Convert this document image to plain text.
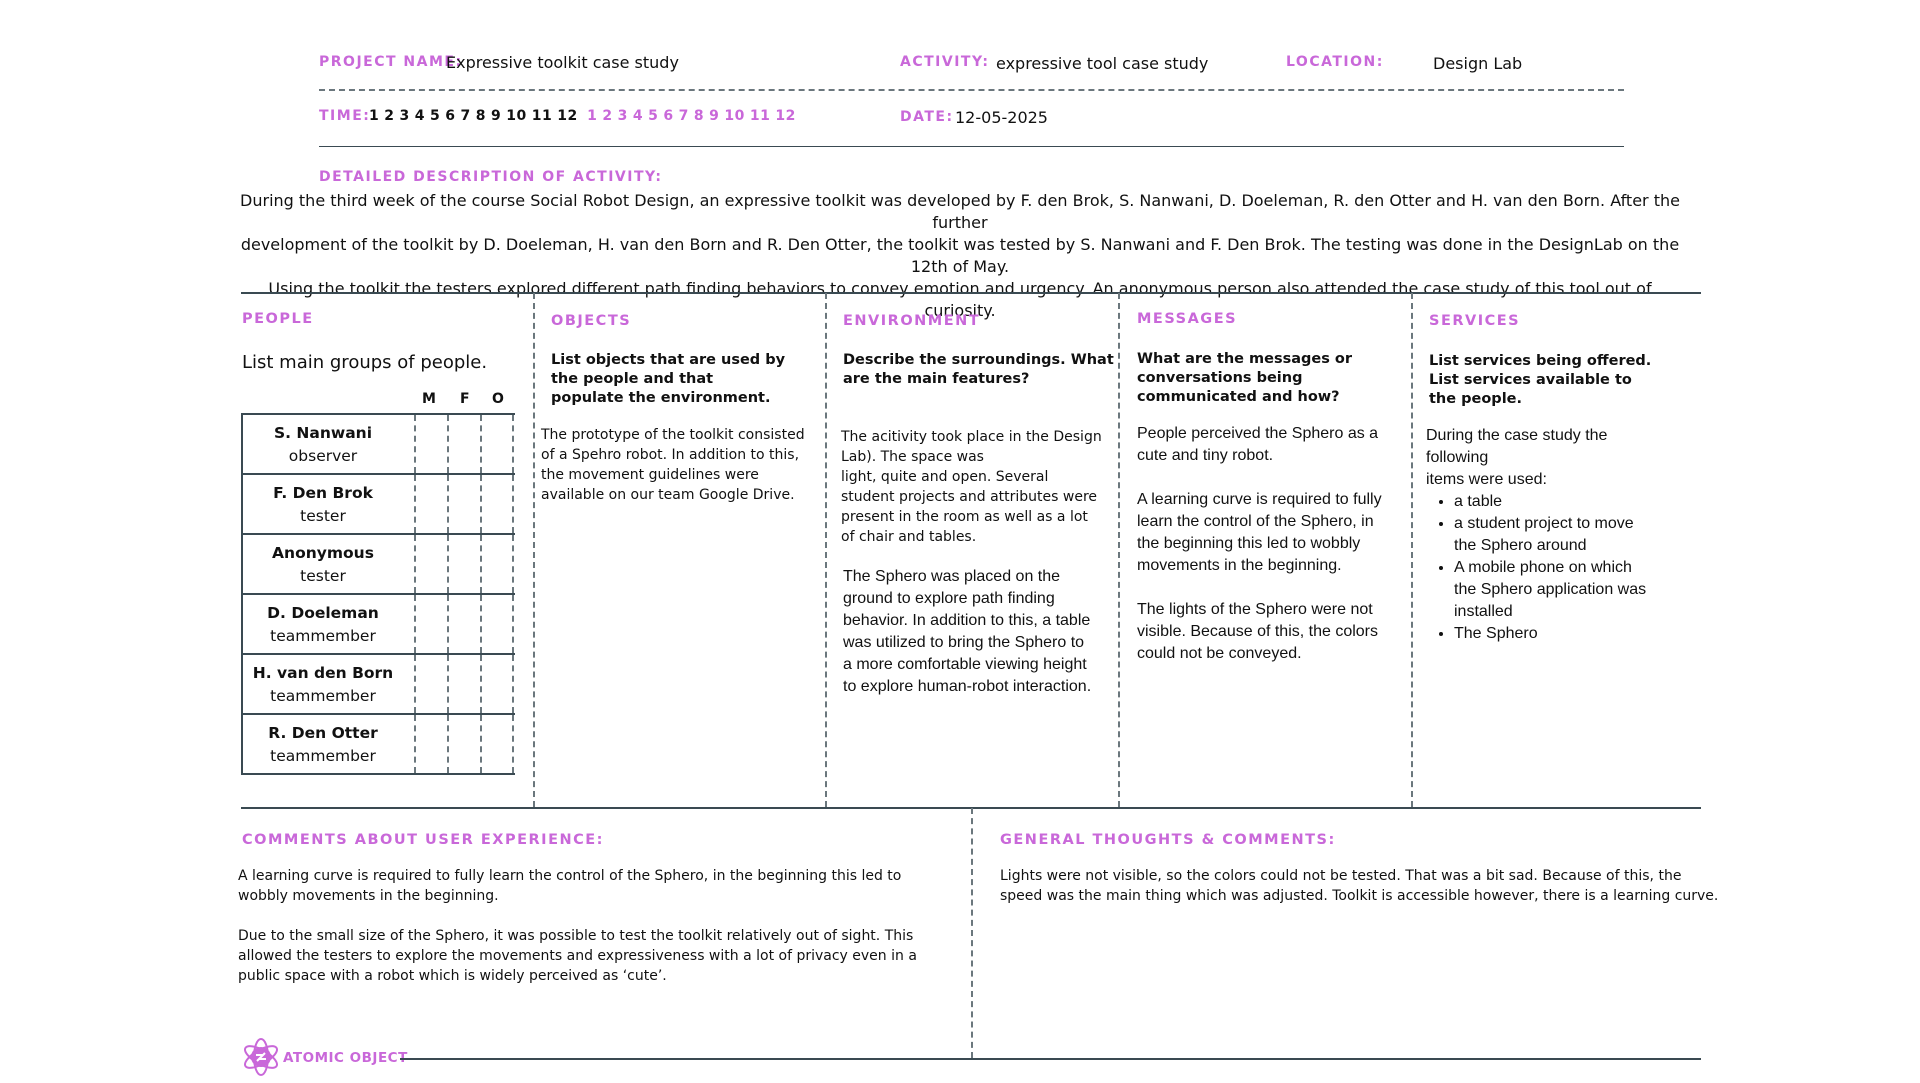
PROJECT NAME:
Expressive toolkit case study	ACTIVITY: expressive tool case study	LOCATION:	Design Lab
TIME:
1 2 3 4 5 6 7 8 9 10 11 12 1 2 3 4 5 6 7 8 9 10 11 12	DATE: 12-05-2025
DETAILED DESCRIPTION OF ACTIVITY:
During the third week of the course Social Robot Design, an expressive toolkit was developed by F. den Brok, S. Nanwani, D. Doeleman, R. den Otter and H. van den Born. After the further
development of the toolkit by D. Doeleman, H. van den Born and R. Den Otter, the toolkit was tested by S. Nanwani and F. Den Brok. The testing was done in the DesignLab on the 12th of May.
Using the toolkit the testers explored different path finding behaviors to convey emotion and urgency. An anonymous person also attended the case study of this tool out of curiosity.
PEOPLE
List main groups of people.
M F O
S. Nanwani
observer
F. Den Brok
tester
Anonymous
tester
D. Doeleman
teammember
H. van den Born
teammember
R. Den Otter
teammember
OBJECTS
List objects that are used by
the people and that
populate the environment.
The prototype of the toolkit consisted
of a Spehro robot. In addition to this,
the movement guidelines were
available on our team Google Drive.
ENVIRONMENT
Describe the surroundings. What
are the main features?
The acitivity took place in the Design
Lab). The space was
light, quite and open. Several
student projects and attributes were
present in the room as well as a lot
of chair and tables.
The Sphero was placed on the
ground to explore path finding
behavior. In addition to this, a table
was utilized to bring the Sphero to
a more comfortable viewing height
to explore human-robot interaction.
MESSAGES
What are the messages or
conversations being
communicated and how?
People perceived the Sphero as a
cute and tiny robot.
A learning curve is required to fully
learn the control of the Sphero, in
the beginning this led to wobbly
movements in the beginning.
The lights of the Sphero were not
visible. Because of this, the colors
could not be conveyed.
SERVICES
List services being offered.
List services available to
the people.
During the case study the following
items were used:
• a table
• a student project to move the Sphero around
• A mobile phone on which the Sphero application was installed
• The Sphero
COMMENTS ABOUT USER EXPERIENCE:
A learning curve is required to fully learn the control of the Sphero, in the beginning this led to
wobbly movements in the beginning.
Due to the small size of the Sphero, it was possible to test the toolkit relatively out of sight. This
allowed the testers to explore the movements and expressiveness with a lot of privacy even in a
public space with a robot which is widely perceived as ‘cute’.
GENERAL THOUGHTS & COMMENTS:
Lights were not visible, so the colors could not be tested. That was a bit sad. Because of this, the
speed was the main thing which was adjusted. Toolkit is accessible however, there is a learning curve.
ATOMIC OBJECT
